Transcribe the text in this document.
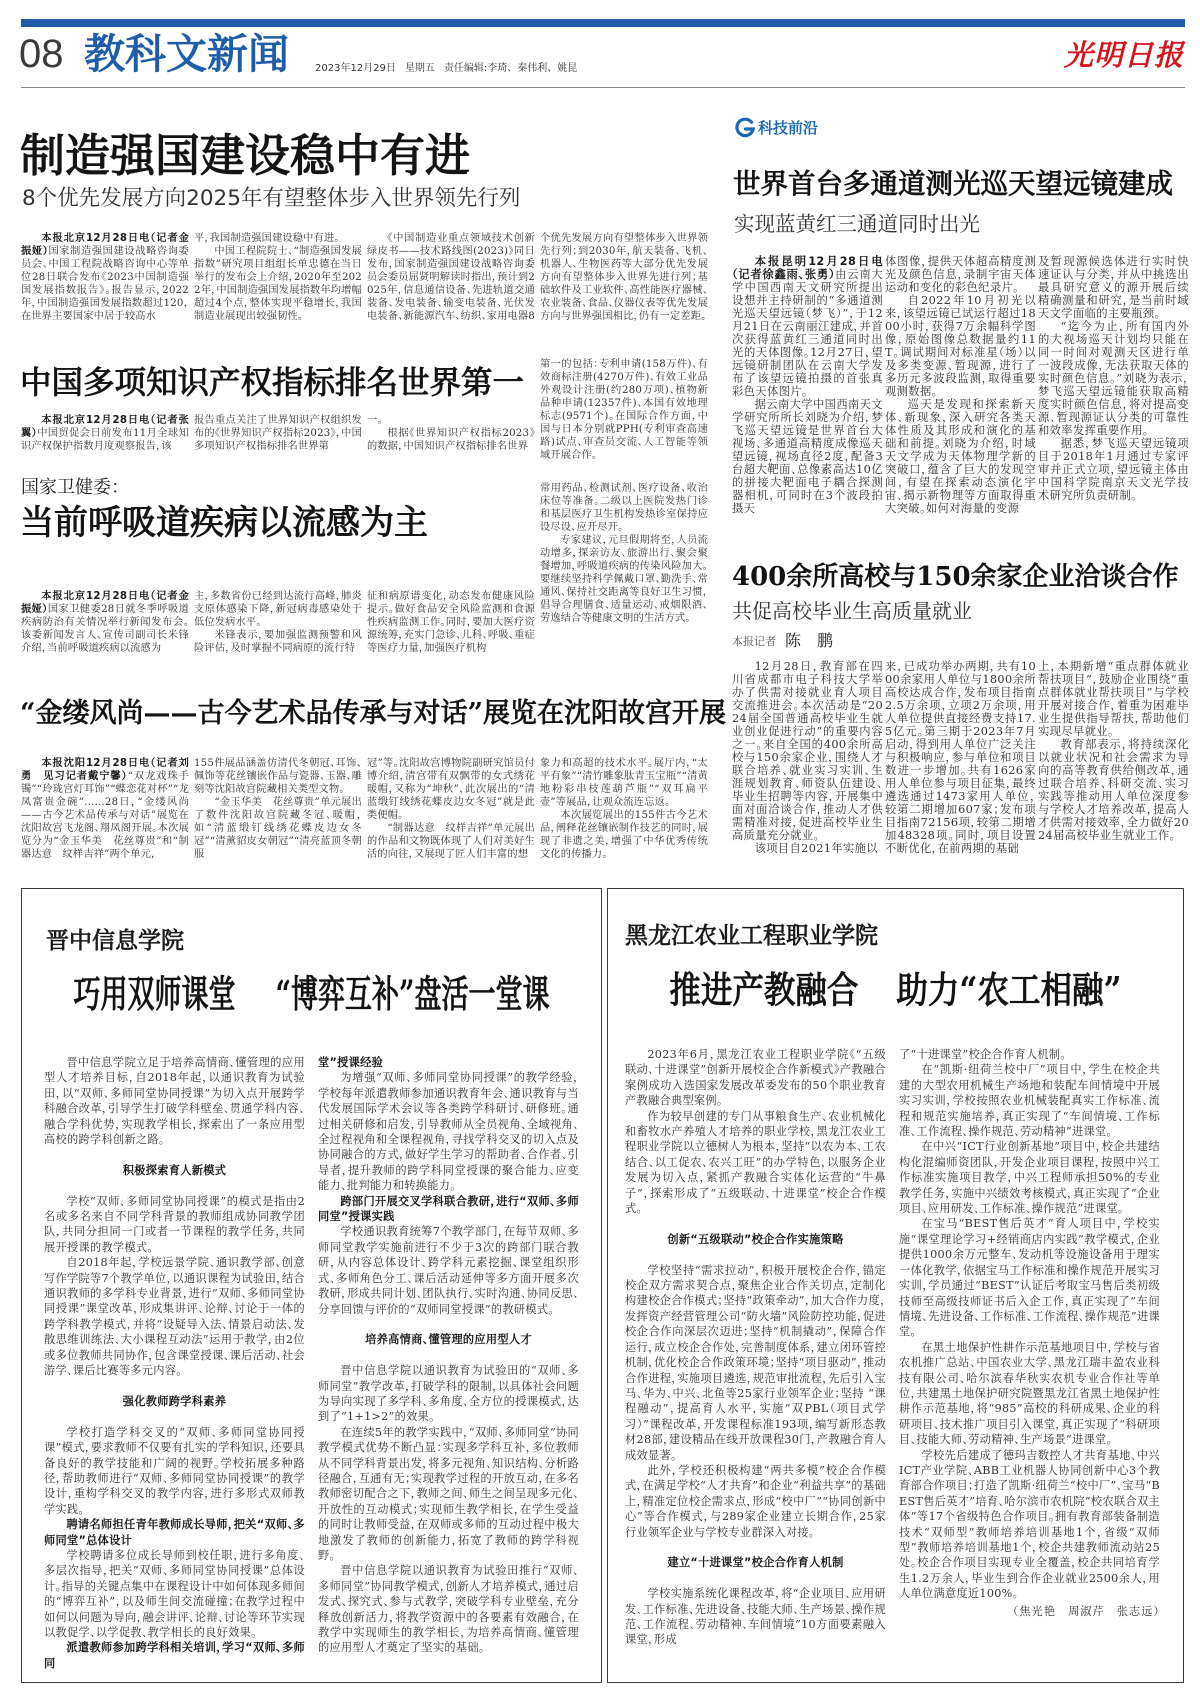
08 教科文新闻	2023年12月29日 星期五 责任编辑:李琦、秦伟利、姚昆	光明日报
制造强国建设稳中有进
8个优先发展方向2025年有望整体步入世界领先行列

本报北京12月28日电（记者金振娅）国家制造强国建设战略咨询委员会、中国工程院战略咨询中心等单位28日联合发布《2023中国制造强国发展指数报告》。报告显示，2022年，中国制造强国发展指数超过120，在世界主要国家中居于较高水

平，我国制造强国建设稳中有进。

中国工程院院士、“制造强国发展指数”研究项目组组长单忠德在当日举行的发布会上介绍，2020年至2022年，中国制造强国发展指数年均增幅超过4个点，整体实现平稳增长，我国制造业展现出较强韧性。

《中国制造业重点领域技术创新绿皮书——技术路线图(2023)》同日发布，国家制造强国建设战略咨询委员会委员屈贤明解读时指出，预计到2025年，信息通信设备、先进轨道交通装备、发电装备、输变电装备、光伏发电装备、新能源汽车、纺织、家用电器8

个优先发展方向有望整体步入世界领先行列；到2030年，航天装备、飞机、机器人、生物医药等大部分优先发展方向有望整体步入世界先进行列；基础软件及工业软件、高性能医疗器械、农业装备、食品、仪器仪表等优先发展方向与世界强国相比，仍有一定差距。

中国多项知识产权指标排名世界第一

本报北京12月28日电（记者张翼）中国贸促会日前发布11月全球知识产权保护指数月度观察报告，该

报告重点关注了世界知识产权组织发布的《世界知识产权指标2023》，中国多项知识产权指标排名世界第

一。

根据《世界知识产权指标2023》的数据，中国知识产权指标排名世界

第一的包括：专利申请(158万件)、有效商标注册(4270万件)、有效工业品外观设计注册(约280万项)、植物新品种申请(12357件)、本国有效地理标志(9571个)。在国际合作方面，中国与日本分别就PPH(专利审查高速路)试点、审查员交流、人工智能等领域开展合作。

国家卫健委：
当前呼吸道疾病以流感为主

本报北京12月28日电（记者金振娅）国家卫健委28日就冬季呼吸道疾病防治有关情况举行新闻发布会。该委新闻发言人、宣传司副司长米锋介绍，当前呼吸道疾病以流感为

主，多数省份已经到达流行高峰，肺炎支原体感染下降，新冠病毒感染处于低位发病水平。

米锋表示，要加强监测预警和风险评估，及时掌握不同病原的流行特

征和病原谱变化，动态发布健康风险提示。做好食品安全风险监测和食源性疾病监测工作。同时，要加大医疗资源统筹，充实门急诊、儿科、呼吸、重症等医疗力量，加强医疗机构

常用药品、检测试剂、医疗设备、收治床位等准备。二级以上医院发热门诊和基层医疗卫生机构发热诊室保持应设尽设、应开尽开。

专家建议，元旦假期将至，人员流动增多，探亲访友、旅游出行、聚会聚餐增加，呼吸道疾病的传染风险加大。要继续坚持科学佩戴口罩、勤洗手、常通风、保持社交距离等良好卫生习惯，倡导合理膳食、适量运动、戒烟限酒、劳逸结合等健康文明的生活方式。

“金缕风尚——古今艺术品传承与对话”展览在沈阳故宫开展

本报沈阳12月28日电（记者刘勇　见习记者戴宁馨）“双龙戏珠手镯”“玲珑宫灯耳饰”“蝶恋花对杯”“龙凤富贵金碗”……28日，“金缕风尚——古今艺术品传承与对话”展览在沈阳故宫飞龙阁、翔凤阁开展。本次展览分为“金玉华美　花丝尊贵”和“制器达意　纹样吉祥”两个单元，

155件展品涵盖仿清代冬朝冠、耳饰、佩饰等花丝镶嵌作品与瓷器、玉器、雕刻等沈阳故宫院藏相关类型文物。

“金玉华美　花丝尊贵”单元展出了数件沈阳故宫院藏冬冠、暖帽，如“清蓝缎钉线绣花蝶皮边女冬冠”“清薰貂皮女朝冠”“清亮蓝顶冬朝服

冠”等。沈阳故宫博物院副研究馆员付博介绍，清宫带有双飘带的女式绣花暖帽，又称为“坤秋”，此次展出的“清蓝缎钉线绣花蝶皮边女冬冠”就是此类便帽。

“制器达意　纹样吉祥”单元展出的作品和文物既体现了人们对美好生活的向往，又展现了匠人们丰富的想

象力和高超的技术水平。展厅内，“太平有象”“清竹雕象肽青玉宝瓶”“清黄地粉彩串枝莲葫芦瓶”“双耳扁平壶”等展品，让观众流连忘返。

本次展览展出的155件古今艺术品，阐释花丝镶嵌制作技艺的同时，展现了非遗之美，增强了中华优秀传统文化的传播力。

科技前沿
世界首台多通道测光巡天望远镜建成
实现蓝黄红三通道同时出光

本报昆明12月28日电（记者徐鑫雨、张勇）由云南大学中国西南天文研究所提出设想并主持研制的“多通道测光巡天望远镜（梦飞）”，于12月21日在云南丽江建成，并首次获得蓝黄红三通道同时出光的天体图像。12月27日，望远镜研制团队在云南大学发布了该望远镜拍摄的首张真彩色天体图片。

据云南大学中国西南天文学研究所所长刘晓为介绍，梦飞巡天望远镜是世界首台大视场、多通道高精度成像巡天望远镜，视场直径2度，配备3台超大靶面、总像素高达10亿的拼接大靶面电子耦合探测器相机，可同时在3个波段拍摄天

体图像，提供天体超高精度测光及颜色信息，录制宇宙天体运动和变化的彩色纪录片。

自2022年10月初光以来，该望远镜已试运行超过1800小时，获得7万余幅科学图像，原始图像总数据量约11T。调试期间对标准星（场）以及多类变源、暂现源，进行了多历元多波段监测，取得重要观测数据。

巡天是发现和探索新天体、新现象，深入研究各类天体性质及其形成和演化的基础和前提。刘晓为介绍，时域天文学成为天体物理学新的突破口，蕴含了巨大的发现空间，有望在探索动态演化宇宙、揭示新物理等方面取得重大突破。如何对海量的变源

及暂现源候选体进行实时快速证认与分类，并从中挑选出最具研究意义的源开展后续精确测量和研究，是当前时域天文学面临的主要瓶颈。

“迄今为止，所有国内外的大视场巡天计划均只能在同一时间对观测天区进行单一波段成像，无法获取天体的实时颜色信息。”刘晓为表示，梦飞巡天望远镜能获取高精度实时颜色信息，将对提高变源、暂现源证认分类的可靠性和效率发挥重要作用。

据悉，梦飞巡天望远镜项目于2018年1月通过专家评审并正式立项，望远镜主体由中国科学院南京天文光学技术研究所负责研制。

400余所高校与150余家企业洽谈合作
共促高校毕业生高质量就业
本报记者 陈　鹏

12月28日，教育部在四川省成都市电子科技大学举办了供需对接就业育人项目交流推进会。本次活动是“2024届全国普通高校毕业生就业创业促进行动”的重要内容之一。来自全国的400余所高校与150余家企业，围绕人才联合培养、就业实习实训、生涯规划教育、师资队伍建设、毕业生招聘等内容，开展集中面对面洽谈合作，推动人才供需精准对接，促进高校毕业生高质量充分就业。

该项目自2021年实施以

来，已成功举办两期，共有1000余家用人单位与1800余所高校达成合作，发布项目指南2.5万余项，立项2万余项，用人单位提供直接经费支持17.5亿元。第三期于2023年7月启动，得到用人单位广泛关注与积极响应，参与单位和项目数进一步增加。共有1626家用人单位参与项目征集，最终遴选通过1473家用人单位，较第二期增加607家；发布项目指南72156项，较第二期增加48328项。同时，项目设置不断优化，在前两期的基础

上，本期新增“重点群体就业帮扶项目”，鼓励企业围绕“重点群体就业帮扶项目”与学校开展对接合作，着重为困难毕业生提供指导帮扶，帮助他们实现尽早就业。

教育部表示，将持续深化以就业状况和社会需求为导向的高等教育供给侧改革，通过联合培养、科研交流、实习实践等推动用人单位深度参与学校人才培养改革，提高人才供需对接效率，全力做好2024届高校毕业生就业工作。

晋中信息学院
巧用双师课堂 “博弈互补”盘活一堂课

晋中信息学院立足于培养高情商、懂管理的应用型人才培养目标，自2018年起，以通识教育为试验田，以“双师、多师同堂协同授课”为切入点开展跨学科融合改革，引导学生打破学科壁垒、贯通学科内容、融合学科优势，实现教学相长，探索出了一条应用型高校的跨学科创新之路。

积极探索育人新模式

学校“双师、多师同堂协同授课”的模式是指由2名或多名来自不同学科背景的教师组成协同教学团队，共同分担同一门或者一节课程的教学任务，共同展开授课的教学模式。

自2018年起，学校远景学院、通识教学部、创意写作学院等7个教学单位，以通识课程为试验田，结合通识教师的多学科专业背景，进行“双师、多师同堂协同授课”课堂改革，形成集讲评、论辩、讨论于一体的跨学科教学模式，并将“设疑导入法、情景启动法、发散思维训练法、大小课程互动法”运用于教学，由2位或多位教师共同协作，包含课堂授课、课后活动、社会游学、课后比赛等多元内容。

强化教师跨学科素养

学校打造学科交叉的“双师、多师同堂协同授课”模式，要求教师不仅要有扎实的学科知识，还要具备良好的教学技能和广阔的视野。学校拓展多种路径，帮助教师进行“双师、多师同堂协同授课”的教学设计，重构学科交叉的教学内容，进行多形式双师教学实践。

聘请名师担任青年教师成长导师，把关“双师、多师同堂”总体设计

学校聘请多位成长导师到校任职，进行多角度、多层次指导，把关“双师、多师同堂协同授课”总体设计。指导的关键点集中在课程设计中如何体现多师间的“博弈互补”，以及师生间交流碰撞；在教学过程中如何以问题为导向，融会讲评、论辩、讨论等环节实现以教促学、以学促教、教学相长的良好效果。

派遣教师参加跨学科相关培训，学习“双师、多师同

堂”授课经验

为增强“双师、多师同堂协同授课”的教学经验，学校每年派遣教师参加通识教育年会、通识教育与当代发展国际学术会议等各类跨学科研讨、研修班。通过相关研修和启发，引导教师从全员视角、全域视角、全过程视角和全课程视角，寻找学科交叉的切入点及协同融合的方式，做好学生学习的帮助者、合作者、引导者，提升教师的跨学科同堂授课的聚合能力、应变能力、批判能力和转换能力。

跨部门开展交叉学科联合教研，进行“双师、多师同堂”授课实践

学校通识教育统筹7个教学部门，在每节双师、多师同堂教学实施前进行不少于3次的跨部门联合教研，从内容总体设计、跨学科元素挖掘、课堂组织形式、多师角色分工、课后活动延伸等多方面开展多次教研，形成共同计划、团队执行、实时沟通、协同反思、分享回馈与评价的“双师同堂授课”的教研模式。

培养高情商、懂管理的应用型人才

晋中信息学院以通识教育为试验田的“双师、多师同堂”教学改革，打破学科的限制，以具体社会问题为导向实现了多学科、多角度、全方位的授课模式，达到了“1+1>2”的效果。

在连续5年的教学实践中，“双师、多师同堂”协同教学模式优势不断凸显：实现多学科互补，多位教师从不同学科背景出发，将多元视角、知识结构、分析路径融合，互通有无；实现教学过程的开放互动，在多名教师密切配合之下，教师之间、师生之间呈现多元化、开放性的互动模式；实现师生教学相长，在学生受益的同时让教师受益，在双师或多师的互动过程中极大地激发了教师的创新能力，拓宽了教师的跨学科视野。

晋中信息学院以通识教育为试验田推行“双师、多师同堂”协同教学模式，创新人才培养模式，通过启发式、探究式、参与式教学，突破学科专业壁垒，充分释放创新活力，将教学资源中的各要素有效融合，在教学中实现师生的教学相长，为培养高情商、懂管理的应用型人才奠定了坚实的基础。

黑龙江农业工程职业学院
推进产教融合 助力“农工相融”

2023年6月，黑龙江农业工程职业学院《“五级联动、十进课堂”创新开展校企合作新模式》产教融合案例成功入选国家发展改革委发布的50个职业教育产教融合典型案例。

作为较早创建的专门从事粮食生产、农业机械化和畜牧水产养殖人才培养的职业学校，黑龙江农业工程职业学院以立德树人为根本，坚持“以农为本、工农结合、以工促农、农兴工旺”的办学特色，以服务企业发展为切入点，紧抓产教融合实体化运营的“牛鼻子”，探索形成了“五级联动、十进课堂”校企合作模式。

创新“五级联动”校企合作实施策略

学校坚持“需求拉动”，积极开展校企合作，锚定校企双方需求契合点，聚焦企业合作关切点，定制化构建校企合作模式；坚持“政策牵动”，加大合作力度，发挥资产经营管理公司“防火墙”风险防控功能，促进校企合作向深层次迈进；坚持“机制撬动”，保障合作运行，成立校企合作处，完善制度体系，建立闭环管控机制，优化校企合作政策环境；坚持“项目驱动”，推动合作进程，实施项目遴选，规范审批流程，先后引入宝马、华为、中兴、北鱼等25家行业领军企业；坚持 “课程融动”，提高育人水平，实施“双PBL（项目式学习）”课程改革，开发课程标准193项，编写新形态教材28部，建设精品在线开放课程30门，产教融合育人成效显著。

此外，学校还积极构建“两共多模”校企合作模式，在满足学校“人才共育”和企业“利益共享”的基础上，精准定位校企需求点，形成“校中厂”“协同创新中心”等合作模式，与289家企业建立长期合作，25家行业领军企业与学校专业群深入对接。

建立“十进课堂”校企合作育人机制

学校实施系统化课程改革，将“企业项目、应用研发、工作标准、先进设备、技能大师、生产场景、操作规范、工作流程、劳动精神、车间情境”10方面要素融入课堂，形成

了“十进课堂”校企合作育人机制。

在“凯斯·纽荷兰校中厂”项目中，学生在校企共建的大型农用机械生产场地和装配车间情境中开展实习实训，学校按照农业机械装配真实工作标准、流程和规范实施培养，真正实现了“车间情境、工作标准、工作流程、操作规范、劳动精神”进课堂。

在中兴“ICT行业创新基地”项目中，校企共建结构化混编师资团队，开发企业项目课程，按照中兴工作标准实施项目教学，中兴工程师承担50%的专业教学任务，实施中兴绩效考核模式，真正实现了“企业项目、应用研发、工作标准、操作规范”进课堂。

在宝马“BEST售后英才”育人项目中，学校实施“课堂理论学习+经销商店内实践”教学模式，企业提供1000余万元整车、发动机等设施设备用于理实一体化教学，依据宝马工作标准和操作规范开展实习实训，学员通过“BEST”认证后考取宝马售后类初级技师至高级技师证书后入企工作，真正实现了“车间情境、先进设备、工作标准、工作流程、操作规范”进课堂。

在黑土地保护性耕作示范基地项目中，学校与省农机推广总站、中国农业大学、黑龙江瑞丰盈农业科技有限公司、哈尔滨春华秋实农机专业合作社等单位，共建黑土地保护研究院暨黑龙江省黑土地保护性耕作示范基地，将“985”高校的科研成果、企业的科研项目、技术推广项目引入课堂，真正实现了“科研项目、技能大师、劳动精神、生产场景”进课堂。

学校先后建成了德玛吉数控人才共育基地、中兴ICT产业学院、ABB工业机器人协同创新中心3个教育部合作项目；打造了凯斯·纽荷兰“校中厂”、宝马“BEST售后英才”培育、哈尔滨市农机院“校农联合双主体”等17个省级特色合作项目。拥有教育部装备制造技术“双师型”教师培养培训基地1个，省级“双师型”教师培养培训基地1个，校企共建教师流动站25处。校企合作项目实现专业全覆盖，校企共同培育学生1.2万余人，毕业生到合作企业就业2500余人，用人单位满意度近100%。

（焦光艳　周淑芹　张志远）
